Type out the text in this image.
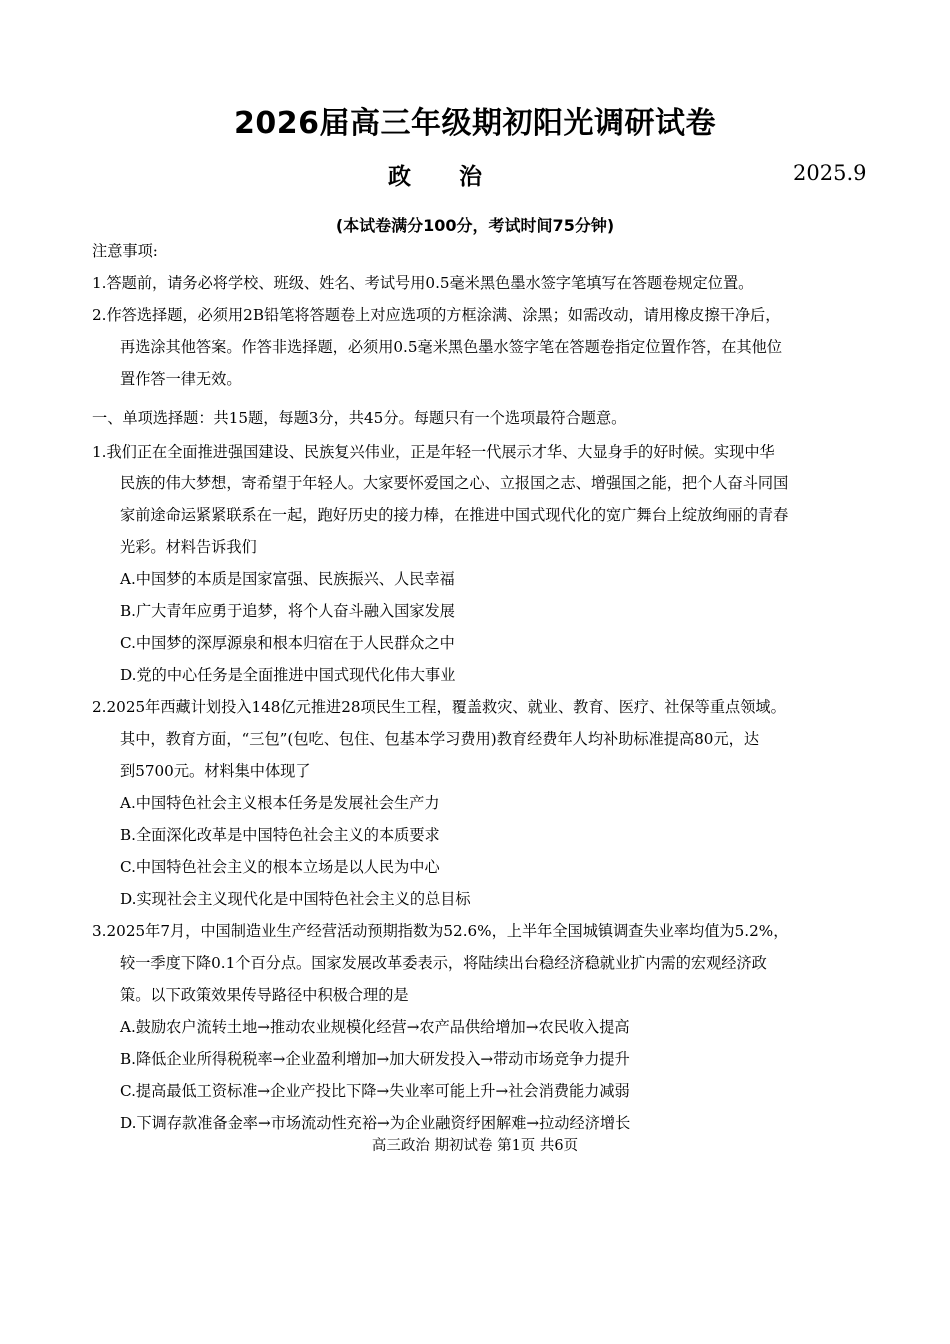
2026届高三年级期初阳光调研试卷
政治	2025.9
(本试卷满分100分，考试时间75分钟)
注意事项:
1.答题前，请务必将学校、班级、姓名、考试号用0.5毫米黑色墨水签字笔填写在答题卷规定位置。
2.作答选择题，必须用2B铅笔将答题卷上对应选项的方框涂满、涂黑；如需改动，请用橡皮擦干净后，
再选涂其他答案。作答非选择题，必须用0.5毫米黑色墨水签字笔在答题卷指定位置作答，在其他位
置作答一律无效。
一、单项选择题：共15题，每题3分，共45分。每题只有一个选项最符合题意。
1.我们正在全面推进强国建设、民族复兴伟业，正是年轻一代展示才华、大显身手的好时候。实现中华
民族的伟大梦想，寄希望于年轻人。大家要怀爱国之心、立报国之志、增强国之能，把个人奋斗同国
家前途命运紧紧联系在一起，跑好历史的接力棒，在推进中国式现代化的宽广舞台上绽放绚丽的青春
光彩。材料告诉我们
A.中国梦的本质是国家富强、民族振兴、人民幸福
B.广大青年应勇于追梦，将个人奋斗融入国家发展
C.中国梦的深厚源泉和根本归宿在于人民群众之中
D.党的中心任务是全面推进中国式现代化伟大事业
2.2025年西藏计划投入148亿元推进28项民生工程，覆盖救灾、就业、教育、医疗、社保等重点领域。
其中，教育方面，“三包”(包吃、包住、包基本学习费用)教育经费年人均补助标准提高80元，达
到5700元。材料集中体现了
A.中国特色社会主义根本任务是发展社会生产力
B.全面深化改革是中国特色社会主义的本质要求
C.中国特色社会主义的根本立场是以人民为中心
D.实现社会主义现代化是中国特色社会主义的总目标
3.2025年7月，中国制造业生产经营活动预期指数为52.6%，上半年全国城镇调查失业率均值为5.2%，
较一季度下降0.1个百分点。国家发展改革委表示，将陆续出台稳经济稳就业扩内需的宏观经济政
策。以下政策效果传导路径中积极合理的是
A.鼓励农户流转土地→推动农业规模化经营→农产品供给增加→农民收入提高
B.降低企业所得税税率→企业盈利增加→加大研发投入→带动市场竞争力提升
C.提高最低工资标准→企业产投比下降→失业率可能上升→社会消费能力减弱
D.下调存款准备金率→市场流动性充裕→为企业融资纾困解难→拉动经济增长
高三政治 期初试卷 第1页 共6页
